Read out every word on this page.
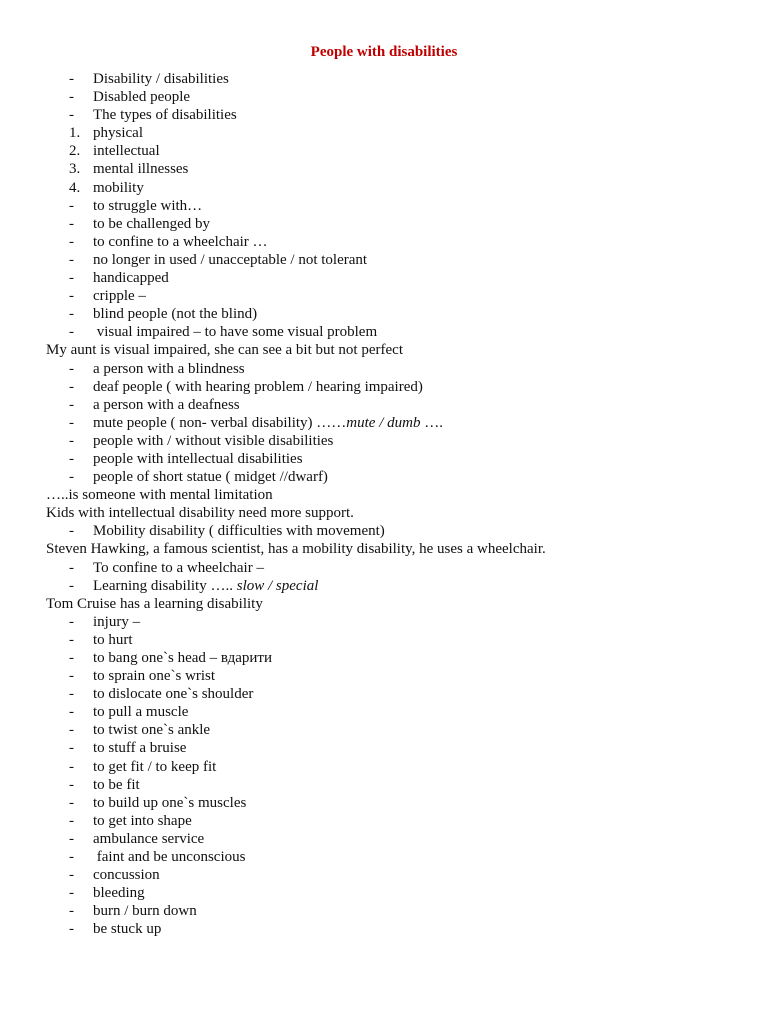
People with disabilities
- Disability / disabilities
- Disabled people
- The types of disabilities
1. physical
2. intellectual
3. mental illnesses
4. mobility
- to struggle with…
- to be challenged by
- to confine to a wheelchair …
- no longer in used / unacceptable / not tolerant
- handicapped
- cripple –
- blind people (not the blind)
- visual impaired – to have some visual problem
My aunt is visual impaired, she can see a bit but not perfect
- a person with a blindness
- deaf people ( with hearing problem / hearing impaired)
- a person with a deafness
- mute people ( non- verbal disability) ……mute / dumb ….
- people with / without visible disabilities
- people with intellectual disabilities
- people of short statue ( midget //dwarf)
…..is someone with mental limitation
Kids with intellectual disability need more support.
- Mobility disability ( difficulties with movement)
Steven Hawking, a famous scientist, has a mobility disability, he uses a wheelchair.
- To confine to a wheelchair –
- Learning disability ….. slow / special
Tom Cruise has a learning disability
- injury –
- to hurt
- to bang one`s head – вдарити
- to sprain one`s wrist
- to dislocate one`s shoulder
- to pull a muscle
- to twist one`s ankle
- to stuff a bruise
- to get fit / to keep fit
- to be fit
- to build up one`s muscles
- to get into shape
- ambulance service
- faint and be unconscious
- concussion
- bleeding
- burn / burn down
- be stuck up
